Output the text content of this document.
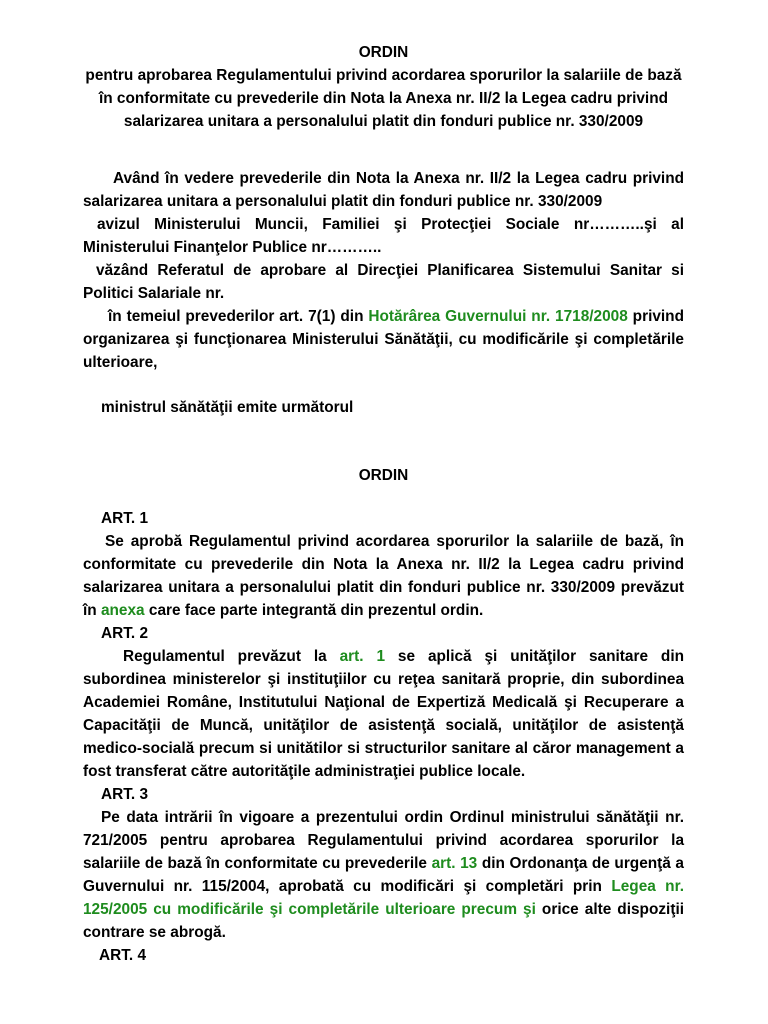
ORDIN

pentru aprobarea Regulamentului privind acordarea sporurilor la salariile de bază în conformitate cu prevederile din Nota la Anexa nr. II/2 la Legea cadru privind salarizarea unitara a personalului platit din fonduri publice nr. 330/2009

Având în vedere prevederile din Nota la Anexa nr. II/2 la Legea cadru privind salarizarea unitara a personalului platit din fonduri publice nr. 330/2009

avizul Ministerului Muncii, Familiei şi Protecţiei Sociale nr………..şi al Ministerului Finanţelor Publice nr………..

văzând Referatul de aprobare al Direcţiei Planificarea Sistemului Sanitar si Politici Salariale nr.

în temeiul prevederilor art. 7(1) din Hotărârea Guvernului nr. 1718/2008 privind organizarea şi funcţionarea Ministerului Sănătăţii, cu modificările şi completările ulterioare,

ministrul sănătăţii emite următorul

ORDIN

ART. 1

Se aprobă Regulamentul privind acordarea sporurilor la salariile de bază, în conformitate cu prevederile din Nota la Anexa nr. II/2 la Legea cadru privind salarizarea unitara a personalului platit din fonduri publice nr. 330/2009 prevăzut în anexa care face parte integrantă din prezentul ordin.

ART. 2

Regulamentul prevăzut la art. 1 se aplică şi unităţilor sanitare din subordinea ministerelor şi instituţiilor cu reţea sanitară proprie, din subordinea Academiei Române, Institutului Naţional de Expertiză Medicală şi Recuperare a Capacităţii de Muncă, unităţilor de asistenţă socială, unităţilor de asistenţă medico-socială precum si unitătilor si structurilor sanitare al căror management a fost transferat către autorităţile administraţiei publice locale.

ART. 3

Pe data intrării în vigoare a prezentului ordin Ordinul ministrului sănătăţii nr. 721/2005 pentru aprobarea Regulamentului privind acordarea sporurilor la salariile de bază în conformitate cu prevederile art. 13 din Ordonanţa de urgenţă a Guvernului nr. 115/2004, aprobată cu modificări şi completări prin Legea nr. 125/2005 cu modificările şi completările ulterioare precum şi orice alte dispoziţii contrare se abrogă.

ART. 4
